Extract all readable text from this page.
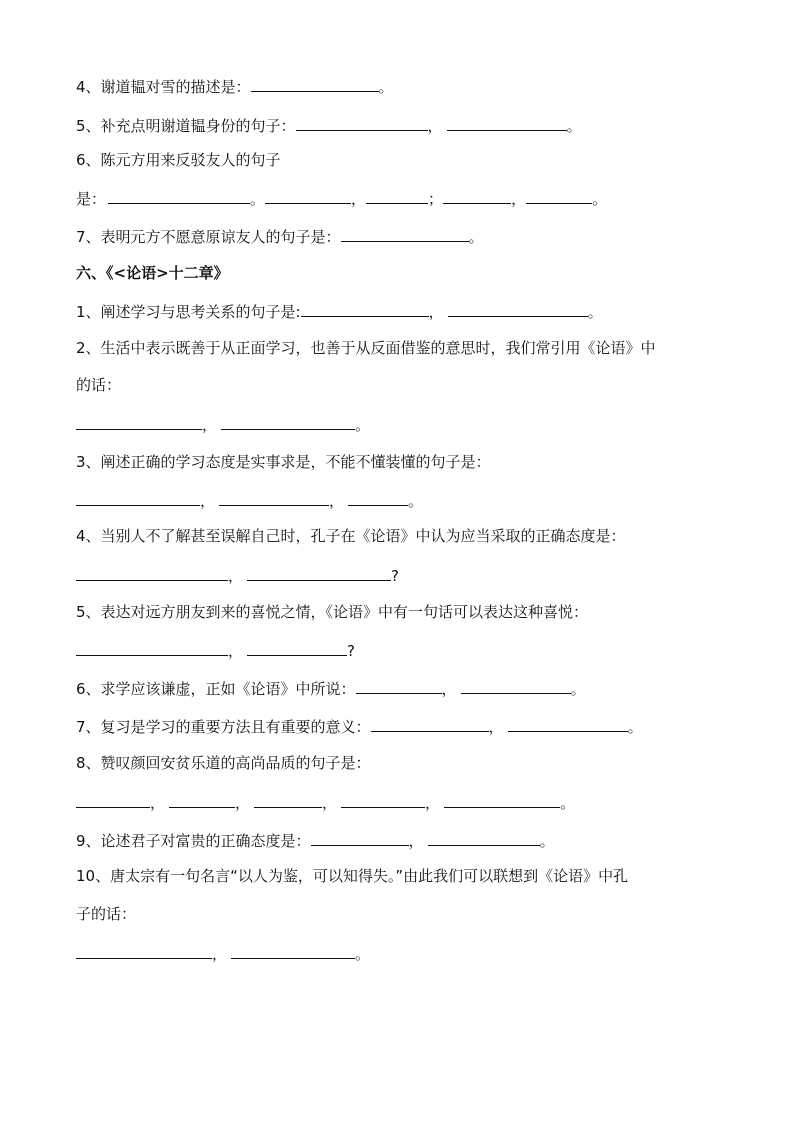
4、谢道韫对雪的描述是：	。
5、补充点明谢道韫身份的句子：	，	。
6、陈元方用来反驳友人的句子
是：	。	，	；	，	。
7、表明元方不愿意原谅友人的句子是：	。
六、《<论语>十二章》
1、阐述学习与思考关系的句子是:	，	。
2、生活中表示既善于从正面学习，也善于从反面借鉴的意思时，我们常引用《论语》中
的话：
，	。
3、阐述正确的学习态度是实事求是，不能不懂装懂的句子是：
，	，	。
4、当别人不了解甚至误解自己时，孔子在《论语》中认为应当采取的正确态度是：
，	?
5、表达对远方朋友到来的喜悦之情，《论语》中有一句话可以表达这种喜悦：
，	?
6、求学应该谦虚，正如《论语》中所说：	，	。
7、复习是学习的重要方法且有重要的意义：	，	。
8、赞叹颜回安贫乐道的高尚品质的句子是：
，	，	，	，	。
9、论述君子对富贵的正确态度是：	，	。
10、唐太宗有一句名言“以人为鉴，可以知得失。”由此我们可以联想到《论语》中孔
子的话：
，	。
